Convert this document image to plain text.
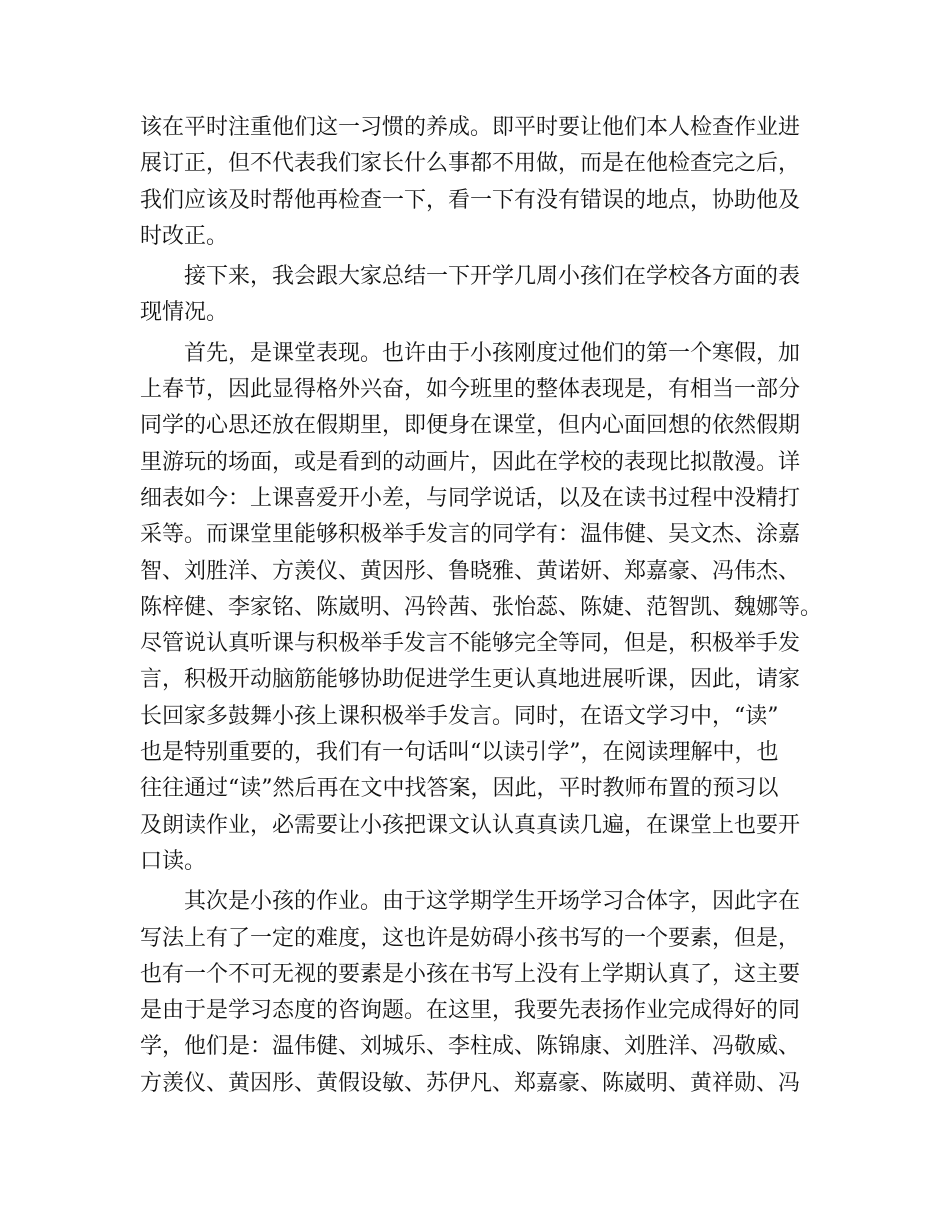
该在平时注重他们这一习惯的养成。即平时要让他们本人检查作业进
展订正，但不代表我们家长什么事都不用做，而是在他检查完之后，
我们应该及时帮他再检查一下，看一下有没有错误的地点，协助他及
时改正。
接下来，我会跟大家总结一下开学几周小孩们在学校各方面的表
现情况。
首先，是课堂表现。也许由于小孩刚度过他们的第一个寒假，加
上春节，因此显得格外兴奋，如今班里的整体表现是，有相当一部分
同学的心思还放在假期里，即便身在课堂，但内心面回想的依然假期
里游玩的场面，或是看到的动画片，因此在学校的表现比拟散漫。详
细表如今：上课喜爱开小差，与同学说话，以及在读书过程中没精打
采等。而课堂里能够积极举手发言的同学有：温伟健、吴文杰、涂嘉
智、刘胜洋、方羡仪、黄因彤、鲁晓雅、黄诺妍、郑嘉豪、冯伟杰、
陈梓健、李家铭、陈崴明、冯铃茜、张怡蕊、陈婕、范智凯、魏娜等。
尽管说认真听课与积极举手发言不能够完全等同，但是，积极举手发
言，积极开动脑筋能够协助促进学生更认真地进展听课，因此，请家
长回家多鼓舞小孩上课积极举手发言。同时，在语文学习中，“读”
也是特别重要的，我们有一句话叫“以读引学”，在阅读理解中，也
往往通过“读”然后再在文中找答案，因此，平时教师布置的预习以
及朗读作业，必需要让小孩把课文认认真真读几遍，在课堂上也要开
口读。
其次是小孩的作业。由于这学期学生开场学习合体字，因此字在
写法上有了一定的难度，这也许是妨碍小孩书写的一个要素，但是，
也有一个不可无视的要素是小孩在书写上没有上学期认真了，这主要
是由于是学习态度的咨询题。在这里，我要先表扬作业完成得好的同
学，他们是：温伟健、刘城乐、李柱成、陈锦康、刘胜洋、冯敬威、
方羡仪、黄因彤、黄假设敏、苏伊凡、郑嘉豪、陈崴明、黄祥勋、冯
